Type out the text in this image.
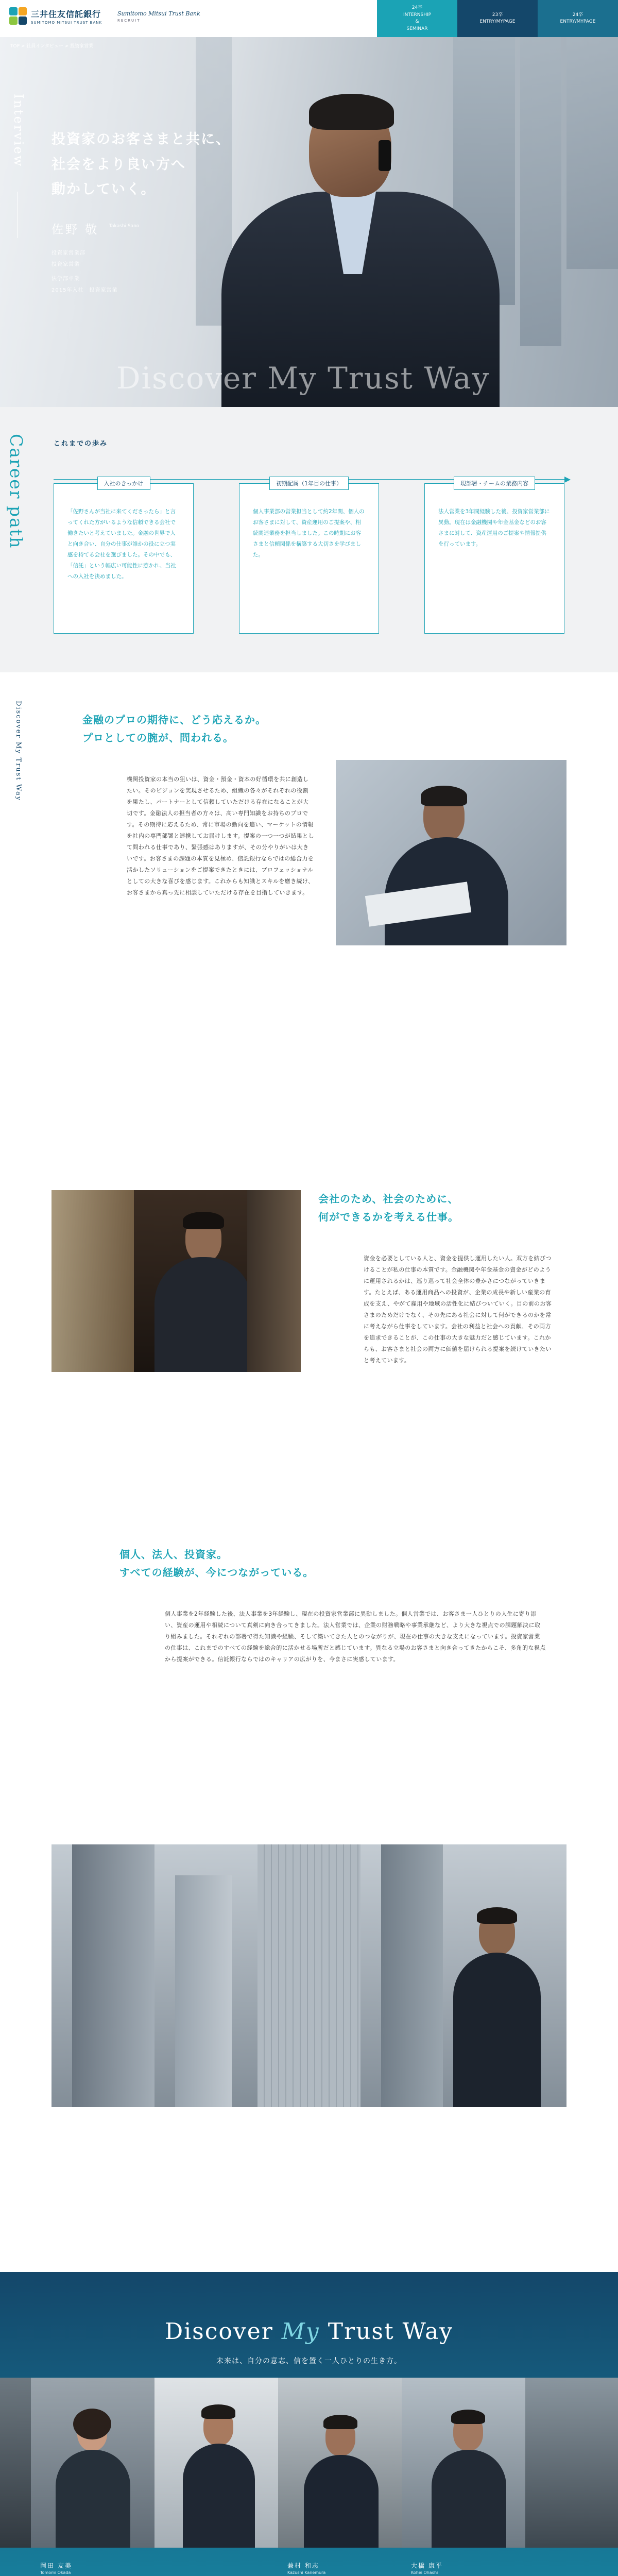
三井住友信託銀行
SUMITOMO MITSUI TRUST BANK
Sumitomo Mitsui Trust Bank
RECRUIT
24卒
INTERNSHIP
&
SEMINAR
23卒
ENTRY/MYPAGE
24卒
ENTRY/MYPAGE
TOP > 社員インタビュー > 投資家営業
Interview 投資家のお客さまと共に、
社会をより良い方へ
動かしていく。
佐野 敬 Takashi Sano
投資家営業部
投資家営業
法学部卒業
2015年入社　投資家営業
Discover My Trust Way
Career path	これまでの歩み
入社のきっかけ
「佐野さんが当社に来てくださったら」と言ってくれた方がいるような信頼できる会社で働きたいと考えていました。金融の世界で人と向き合い、自分の仕事が誰かの役に立つ実感を持てる会社を選びました。その中でも、「信託」という幅広い可能性に惹かれ、当社への入社を決めました。
初期配属（1年目の仕事）
個人事業部の営業担当として約2年間、個人のお客さまに対して、資産運用のご提案や、相続関連業務を担当しました。この時期にお客さまと信頼関係を構築する大切さを学びました。
現部署・チームの業務内容
法人営業を3年間経験した後、投資家営業部に異動。現在は金融機関や年金基金などのお客さまに対して、資産運用のご提案や情報提供を行っています。
Discover My Trust Way	金融のプロの期待に、どう応えるか。
プロとしての腕が、問われる。
機関投資家の本当の狙いは、資金・預金・資本の好循環を共に創造したい。そのビジョンを実現させるため、組織の各々がそれぞれの役割を果たし、パートナーとして信頼していただける存在になることが大切です。金融法人の担当者の方々は、高い専門知識をお持ちのプロです。その期待に応えるため、常に市場の動向を追い、マーケットの情報を社内の専門部署と連携してお届けします。提案の一つ一つが結果として問われる仕事であり、緊張感はありますが、その分やりがいは大きいです。お客さまの課題の本質を見極め、信託銀行ならではの総合力を活かしたソリューションをご提案できたときには、プロフェッショナルとしての大きな喜びを感じます。これからも知識とスキルを磨き続け、お客さまから真っ先に相談していただける存在を目指していきます。
会社のため、社会のために、
何ができるかを考える仕事。
資金を必要としている人と、資金を提供し運用したい人。双方を結びつけることが私の仕事の本質です。金融機関や年金基金の資金がどのように運用されるかは、巡り巡って社会全体の豊かさにつながっていきます。たとえば、ある運用商品への投資が、企業の成長や新しい産業の育成を支え、やがて雇用や地域の活性化に結びついていく。目の前のお客さまのためだけでなく、その先にある社会に対して何ができるのかを常に考えながら仕事をしています。会社の利益と社会への貢献、その両方を追求できることが、この仕事の大きな魅力だと感じています。これからも、お客さまと社会の両方に価値を届けられる提案を続けていきたいと考えています。
個人、法人、投資家。
すべての経験が、今につながっている。
個人事業を2年経験した後、法人事業を3年経験し、現在の投資家営業部に異動しました。個人営業では、お客さま一人ひとりの人生に寄り添い、資産の運用や相続について真剣に向き合ってきました。法人営業では、企業の財務戦略や事業承継など、より大きな視点での課題解決に取り組みました。それぞれの部署で得た知識や経験、そして築いてきた人とのつながりが、現在の仕事の大きな支えになっています。投資家営業の仕事は、これまでのすべての経験を総合的に活かせる場所だと感じています。異なる立場のお客さまと向き合ってきたからこそ、多角的な視点から提案ができる。信託銀行ならではのキャリアの広がりを、今まさに実感しています。
Discover My Trust Way
未来は、自分の意志、信を置く一人ひとりの生き方。
岡田 友美
Tomomi Okada
兼村 和志
Kazushi Kanemura
大橋 康平
Kohei Ohashi
